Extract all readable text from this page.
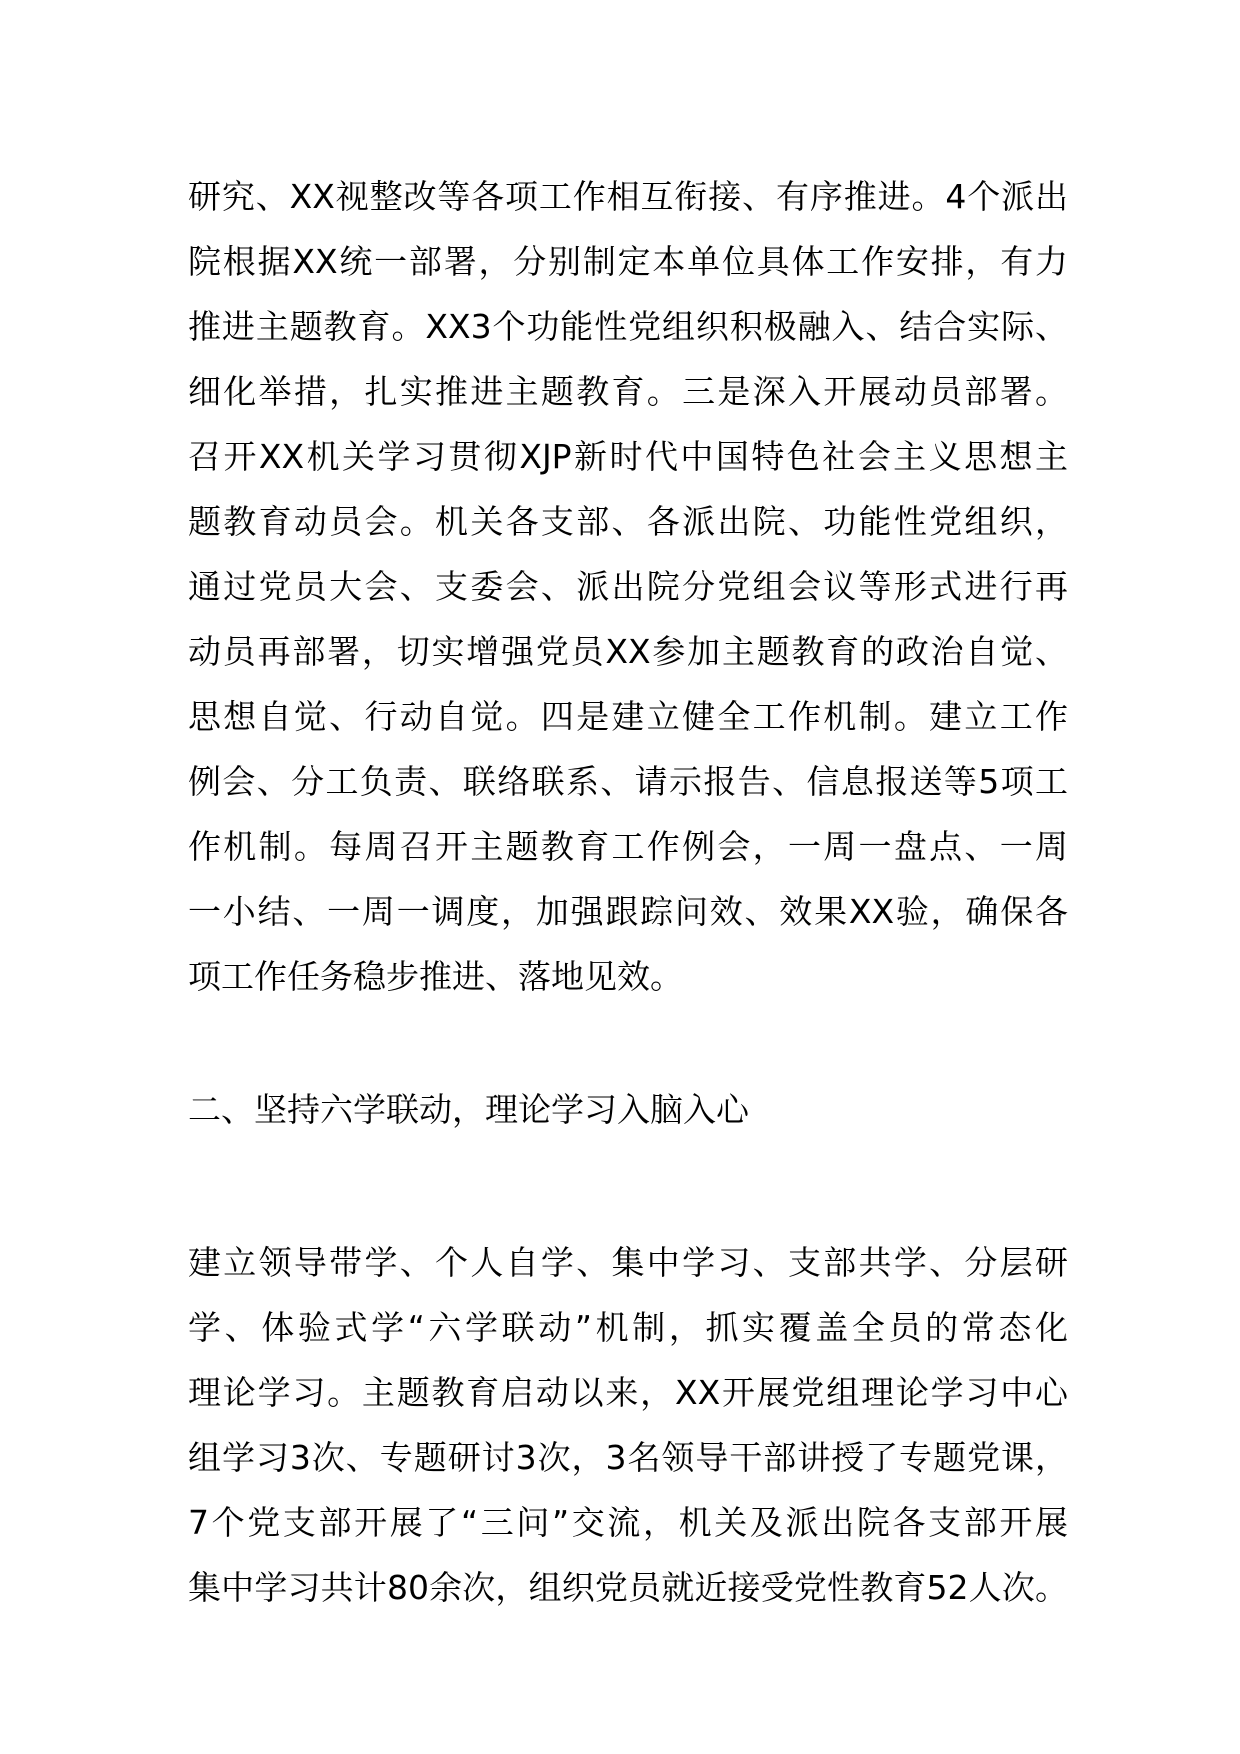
研究、XX视整改等各项工作相互衔接、有序推进。4个派出
院根据XX统一部署，分别制定本单位具体工作安排，有力
推进主题教育。XX3个功能性党组织积极融入、结合实际、
细化举措，扎实推进主题教育。三是深入开展动员部署。
召开XX机关学习贯彻XJP新时代中国特色社会主义思想主
题教育动员会。机关各支部、各派出院、功能性党组织，
通过党员大会、支委会、派出院分党组会议等形式进行再
动员再部署，切实增强党员XX参加主题教育的政治自觉、
思想自觉、行动自觉。四是建立健全工作机制。建立工作
例会、分工负责、联络联系、请示报告、信息报送等5项工
作机制。每周召开主题教育工作例会，一周一盘点、一周
一小结、一周一调度，加强跟踪问效、效果XX验，确保各
项工作任务稳步推进、落地见效。
二、坚持六学联动，理论学习入脑入心
建立领导带学、个人自学、集中学习、支部共学、分层研
学、体验式学“六学联动”机制，抓实覆盖全员的常态化
理论学习。主题教育启动以来，XX开展党组理论学习中心
组学习3次、专题研讨3次，3名领导干部讲授了专题党课，
7个党支部开展了“三问”交流，机关及派出院各支部开展
集中学习共计80余次，组织党员就近接受党性教育52人次。
